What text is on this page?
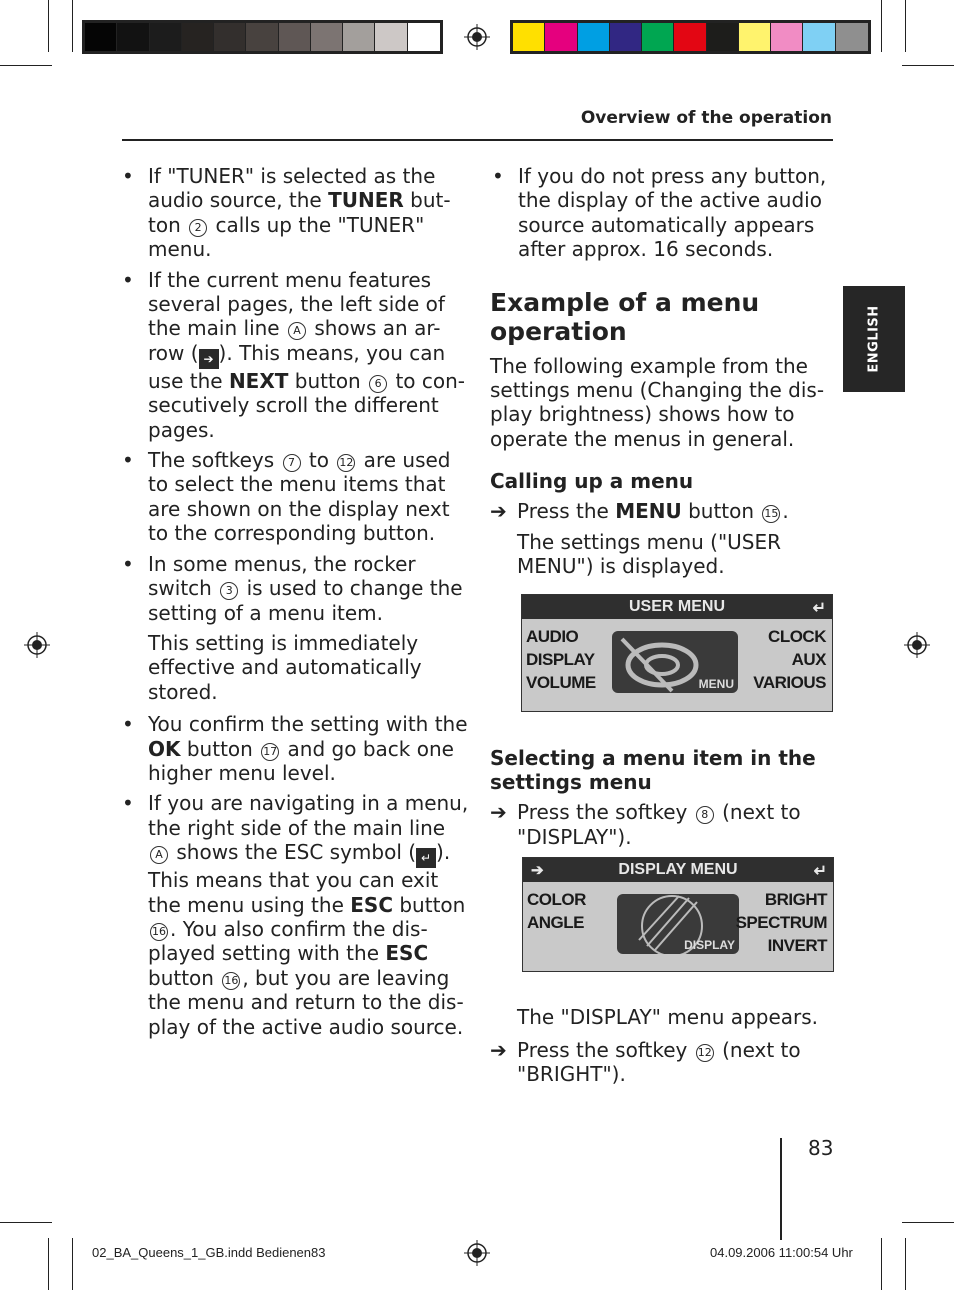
Overview of the operation
ENGLISH
• If "TUNER" is selected as the audio source, the TUNER but-ton 2 calls up the "TUNER" menu.
• If the current menu features several pages, the left side of the main line A shows an ar-row ( ➔ ). This means, you can use the NEXT button 6 to con-secutively scroll the different pages.
• The softkeys 7 to 12 are used to select the menu items that are shown on the display next to the corresponding button.
• In some menus, the rocker switch 3 is used to change the setting of a menu item.
This setting is immediately effective and automatically stored.
• You confirm the setting with the OK button 17 and go back one higher menu level.
• If you are navigating in a menu, the right side of the main line A shows the ESC symbol ( ↵ ). This means that you can exit the menu using the ESC button 16 . You also confirm the dis-played setting with the ESC button 16 , but you are leaving the menu and return to the dis-play of the active audio source.
• If you do not press any button, the display of the active audio source automatically appears after approx. 16 seconds.
Example of a menu operation
The following example from the settings menu (Changing the dis-play brightness) shows how to operate the menus in general.
Calling up a menu
➔ Press the MENU button 15 .
The settings menu ("USER MENU") is displayed.
Selecting a menu item in the settings menu
➔ Press the softkey 8 (next to "DISPLAY").
The "DISPLAY" menu appears.
➔ Press the softkey 12 (next to "BRIGHT").
USER MENU	↵
MENU
AUDIO
DISPLAY
VOLUME
CLOCK
AUX
VARIOUS
➔	DISPLAY MENU	↵
DISPLAY
COLOR
ANGLE
BRIGHT
SPECTRUM
INVERT
83
02_BA_Queens_1_GB.indd Bedienen83	04.09.2006 11:00:54 Uhr
